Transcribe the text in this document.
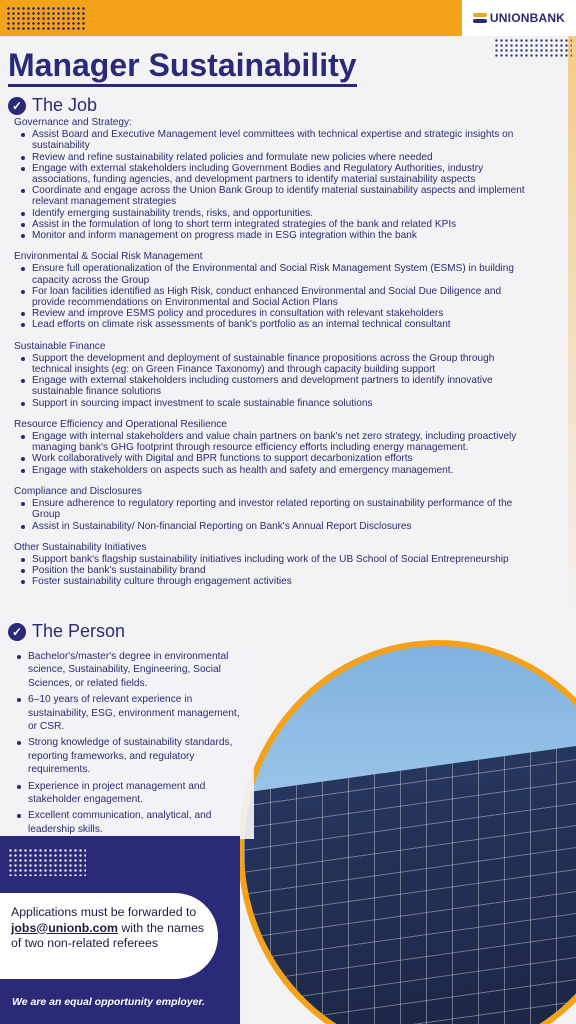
UNIONBANK
Manager Sustainability
✓ The Job
Governance and Strategy:
Assist Board and Executive Management level committees with technical expertise and strategic insights on sustainability
Review and refine sustainability related policies and formulate new policies where needed
Engage with external stakeholders including Government Bodies and Regulatory Authorities, industry associations, funding agencies, and development partners to identify material sustainability aspects
Coordinate and engage across the Union Bank Group to identify material sustainability aspects and implement relevant management strategies
Identify emerging sustainability trends, risks, and opportunities.
Assist in the formulation of long to short term integrated strategies of the bank and related KPIs
Monitor and inform management on progress made in ESG integration within the bank
Environmental & Social Risk Management
Ensure full operationalization of the Environmental and Social Risk Management System (ESMS) in building capacity across the Group
For loan facilities identified as High Risk, conduct enhanced Environmental and Social Due Diligence and provide recommendations on Environmental and Social Action Plans
Review and improve ESMS policy and procedures in consultation with relevant stakeholders
Lead efforts on climate risk assessments of bank's portfolio as an internal technical consultant
Sustainable Finance
Support the development and deployment of sustainable finance propositions across the Group through technical insights (eg: on Green Finance Taxonomy) and through capacity building support
Engage with external stakeholders including customers and development partners to identify innovative sustainable finance solutions
Support in sourcing impact investment to scale sustainable finance solutions
Resource Efficiency and Operational Resilience
Engage with internal stakeholders and value chain partners on bank's net zero strategy, including proactively managing bank's GHG footprint through resource efficiency efforts including energy management.
Work collaboratively with Digital and BPR functions to support decarbonization efforts
Engage with stakeholders on aspects such as health and safety and emergency management.
Compliance and Disclosures
Ensure adherence to regulatory reporting and investor related reporting on sustainability performance of the Group
Assist in Sustainability/ Non-financial Reporting on Bank's Annual Report Disclosures
Other Sustainability Initiatives
Support bank's flagship sustainability initiatives including work of the UB School of Social Entrepreneurship
Position the bank's sustainability brand
Foster sustainability culture through engagement activities
✓ The Person
Bachelor's/master's degree in environmental science, Sustainability, Engineering, Social Sciences, or related fields.
6–10 years of relevant experience in sustainability, ESG, environment management, or CSR.
Strong knowledge of sustainability standards, reporting frameworks, and regulatory requirements.
Experience in project management and stakeholder engagement.
Excellent communication, analytical, and leadership skills.
Applications must be forwarded to jobs@unionb.com with the names of two non-related referees
We are an equal opportunity employer.
